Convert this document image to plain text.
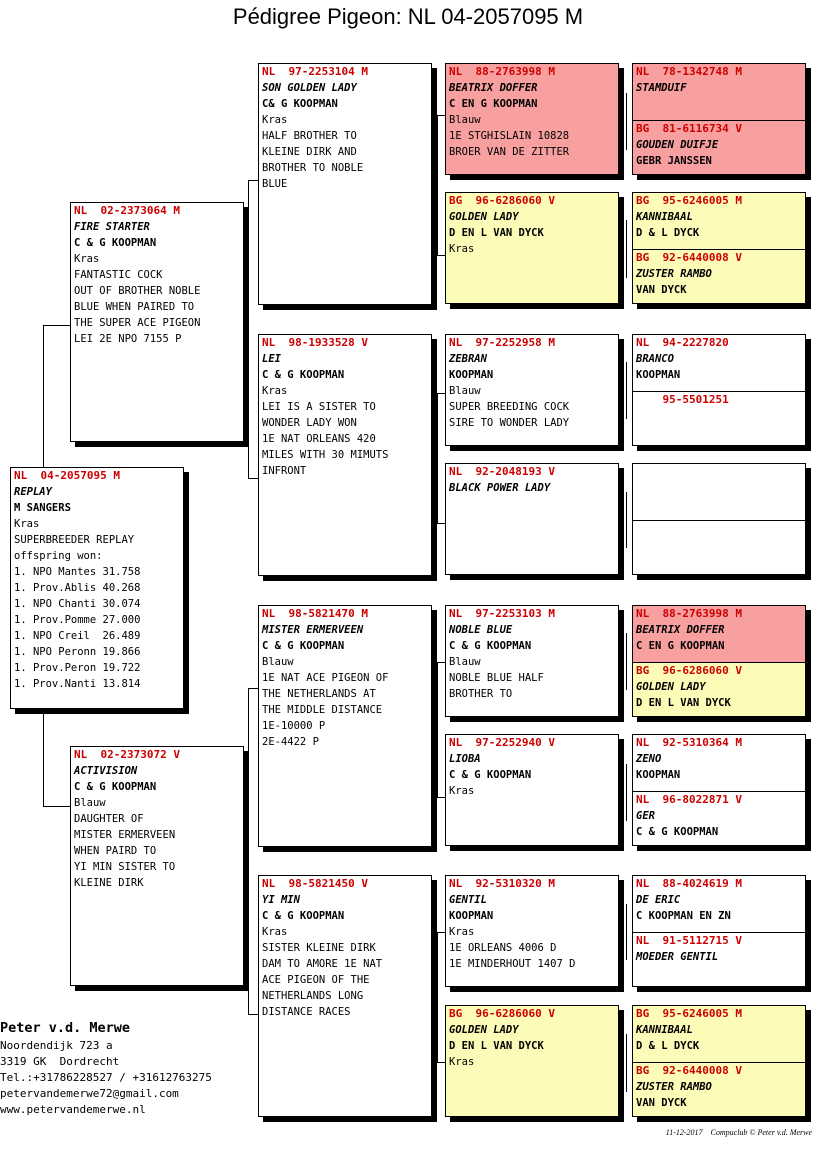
Pédigree Pigeon: NL 04-2057095 M
NL  04-2057095 M
REPLAY
M SANGERS
Kras
SUPERBREEDER REPLAY
offspring won:
1. NPO Mantes 31.758
1. Prov.Ablis 40.268
1. NPO Chanti 30.074
1. Prov.Pomme 27.000
1. NPO Creil  26.489
1. NPO Peronn 19.866
1. Prov.Peron 19.722
1. Prov.Nanti 13.814
NL  02-2373064 M
FIRE STARTER
C & G KOOPMAN
Kras
FANTASTIC COCK
OUT OF BROTHER NOBLE
BLUE WHEN PAIRED TO
THE SUPER ACE PIGEON
LEI 2E NPO 7155 P
NL  02-2373072 V
ACTIVISION
C & G KOOPMAN
Blauw
DAUGHTER OF
MISTER ERMERVEEN
WHEN PAIRD TO
YI MIN SISTER TO
KLEINE DIRK
NL  97-2253104 M
SON GOLDEN LADY
C& G KOOPMAN
Kras
HALF BROTHER TO
KLEINE DIRK AND
BROTHER TO NOBLE
BLUE
NL  98-1933528 V
LEI
C & G KOOPMAN
Kras
LEI IS A SISTER TO
WONDER LADY WON
1E NAT ORLEANS 420
MILES WITH 30 MIMUTS
INFRONT
NL  98-5821470 M
MISTER ERMERVEEN
C & G KOOPMAN
Blauw
1E NAT ACE PIGEON OF
THE NETHERLANDS AT
THE MIDDLE DISTANCE
1E-10000 P
2E-4422 P
NL  98-5821450 V
YI MIN
C & G KOOPMAN
Kras
SISTER KLEINE DIRK
DAM TO AMORE 1E NAT
ACE PIGEON OF THE
NETHERLANDS LONG
DISTANCE RACES
NL  88-2763998 M
BEATRIX DOFFER
C EN G KOOPMAN
Blauw
1E STGHISLAIN 10828
BROER VAN DE ZITTER
BG  96-6286060 V
GOLDEN LADY
D EN L VAN DYCK
Kras
NL  97-2252958 M
ZEBRAN
KOOPMAN
Blauw
SUPER BREEDING COCK
SIRE TO WONDER LADY
NL  92-2048193 V
BLACK POWER LADY
NL  97-2253103 M
NOBLE BLUE
C & G KOOPMAN
Blauw
NOBLE BLUE HALF
BROTHER TO
NL  97-2252940 V
LIOBA
C & G KOOPMAN
Kras
NL  92-5310320 M
GENTIL
KOOPMAN
Kras
1E ORLEANS 4006 D
1E MINDERHOUT 1407 D
BG  96-6286060 V
GOLDEN LADY
D EN L VAN DYCK
Kras
NL  78-1342748 M
STAMDUIF
BG  81-6116734 V
GOUDEN DUIFJE
GEBR JANSSEN
BG  95-6246005 M
KANNIBAAL
D & L DYCK
BG  92-6440008 V
ZUSTER RAMBO
VAN DYCK
NL  94-2227820
BRANCO
KOOPMAN
95-5501251
NL  88-2763998 M
BEATRIX DOFFER
C EN G KOOPMAN
BG  96-6286060 V
GOLDEN LADY
D EN L VAN DYCK
NL  92-5310364 M
ZENO
KOOPMAN
NL  96-8022871 V
GER
C & G KOOPMAN
NL  88-4024619 M
DE ERIC
C KOOPMAN EN ZN
NL  91-5112715 V
MOEDER GENTIL
BG  95-6246005 M
KANNIBAAL
D & L DYCK
BG  92-6440008 V
ZUSTER RAMBO
VAN DYCK
Peter v.d. Merwe
Noordendijk 723 a
3319 GK  Dordrecht
Tel.:+31786228527 / +31612763275
petervandemerwe72@gmail.com
www.petervandemerwe.nl
11-12-2017    Compuclub © Peter v.d. Merwe
